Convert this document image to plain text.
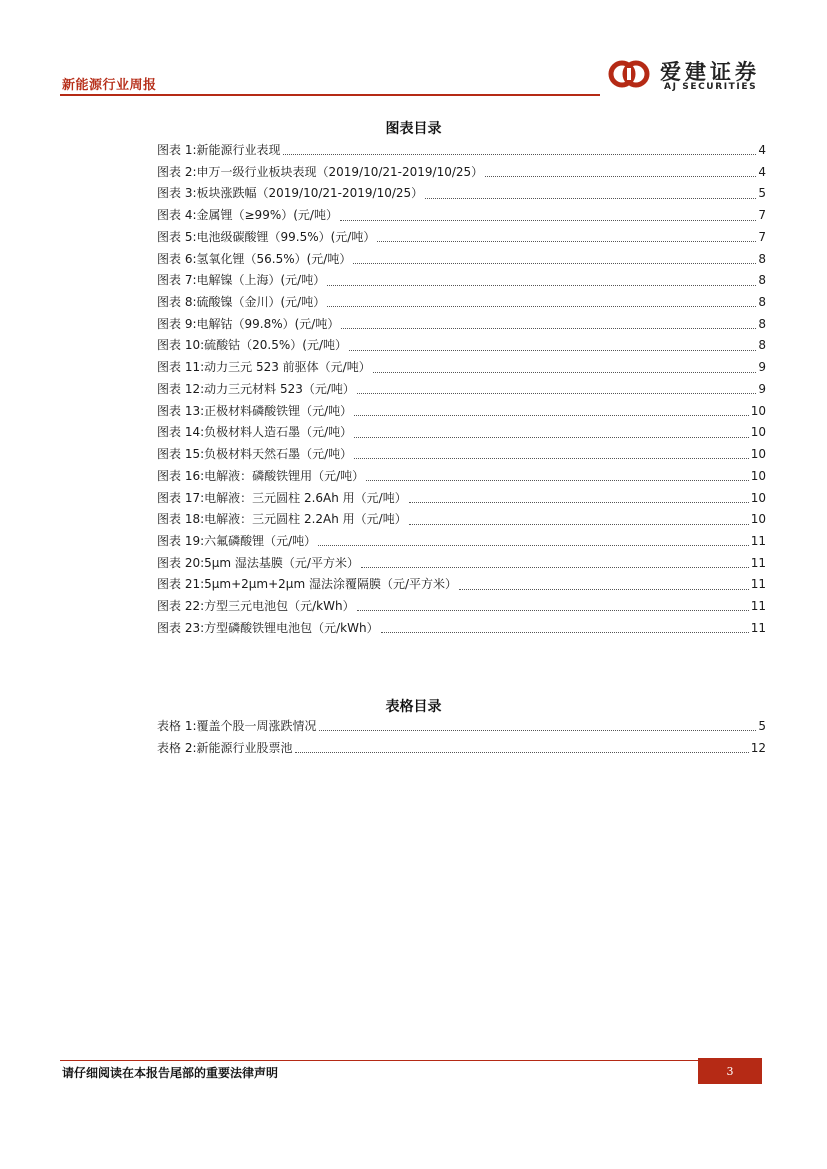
新能源行业周报
爱建证券
AJ SECURITIES
图表目录
图表 1: 新能源行业表现	4
图表 2: 申万一级行业板块表现（2019/10/21-2019/10/25）	4
图表 3: 板块涨跌幅（2019/10/21-2019/10/25）	5
图表 4: 金属锂（≥99%）(元/吨）	7
图表 5: 电池级碳酸锂（99.5%）(元/吨）	7
图表 6: 氢氧化锂（56.5%）(元/吨）	8
图表 7: 电解镍（上海）(元/吨）	8
图表 8: 硫酸镍（金川）(元/吨）	8
图表 9: 电解钴（99.8%）(元/吨）	8
图表 10: 硫酸钴（20.5%）(元/吨）	8
图表 11: 动力三元 523 前驱体（元/吨）	9
图表 12: 动力三元材料 523（元/吨）	9
图表 13: 正极材料磷酸铁锂（元/吨）	10
图表 14: 负极材料人造石墨（元/吨）	10
图表 15: 负极材料天然石墨（元/吨）	10
图表 16: 电解液：磷酸铁锂用（元/吨）	10
图表 17: 电解液：三元圆柱 2.6Ah 用（元/吨）	10
图表 18: 电解液：三元圆柱 2.2Ah 用（元/吨）	10
图表 19: 六氟磷酸锂（元/吨）	11
图表 20: 5μm 湿法基膜（元/平方米）	11
图表 21: 5μm+2μm+2μm 湿法涂覆隔膜（元/平方米）	11
图表 22: 方型三元电池包（元/kWh）	11
图表 23: 方型磷酸铁锂电池包（元/kWh）	11
表格目录
表格 1: 覆盖个股一周涨跌情况	5
表格 2: 新能源行业股票池	12
请仔细阅读在本报告尾部的重要法律声明	3
